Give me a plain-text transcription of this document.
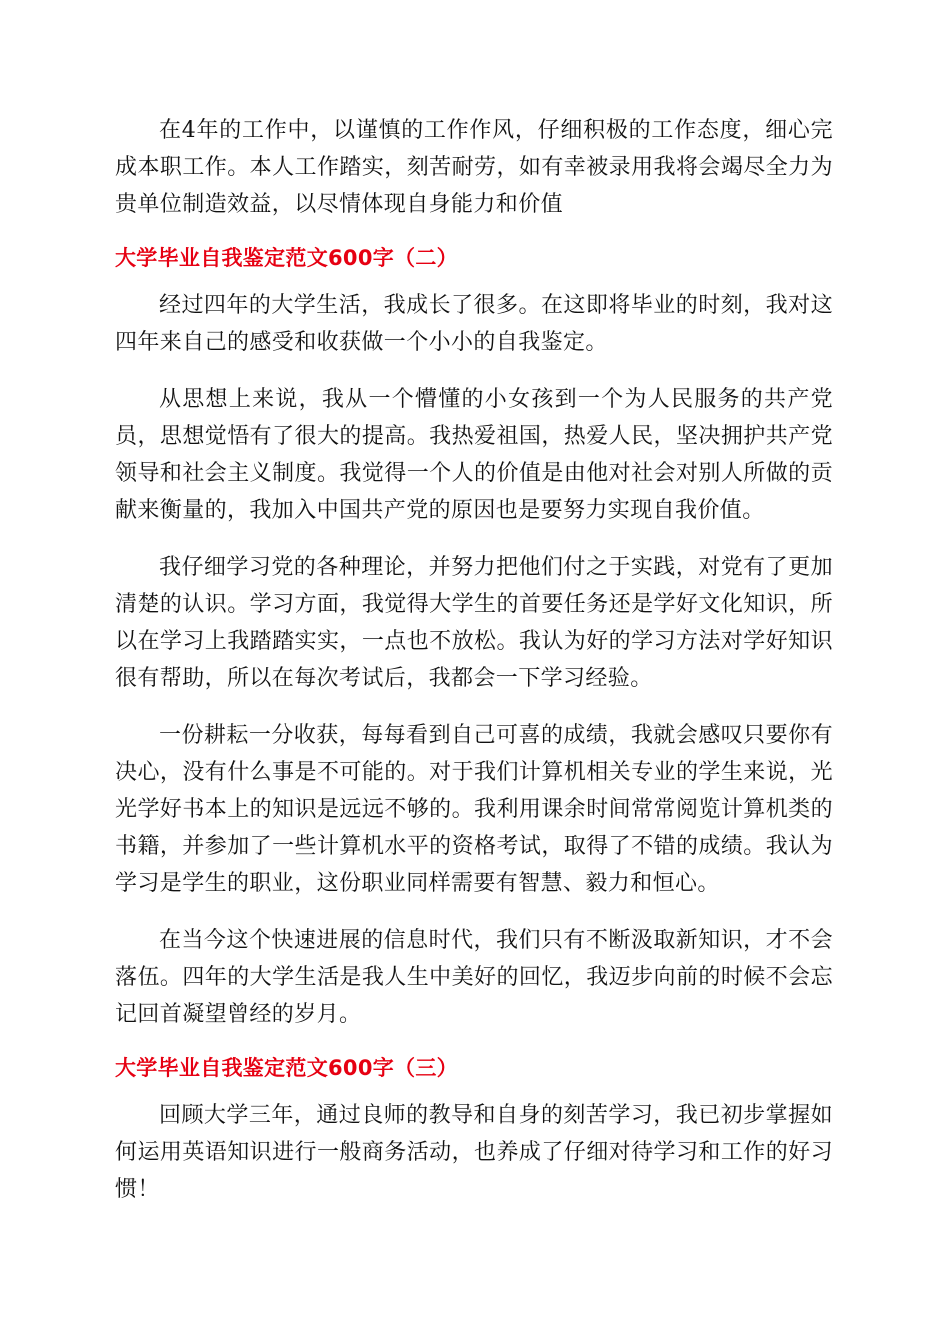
在4年的工作中，以谨慎的工作作风，仔细积极的工作态度，细心完成本职工作。本人工作踏实，刻苦耐劳，如有幸被录用我将会竭尽全力为贵单位制造效益，以尽情体现自身能力和价值

大学毕业自我鉴定范文600字（二）

经过四年的大学生活，我成长了很多。在这即将毕业的时刻，我对这四年来自己的感受和收获做一个小小的自我鉴定。

从思想上来说，我从一个懵懂的小女孩到一个为人民服务的共产党员，思想觉悟有了很大的提高。我热爱祖国，热爱人民，坚决拥护共产党领导和社会主义制度。我觉得一个人的价值是由他对社会对别人所做的贡献来衡量的，我加入中国共产党的原因也是要努力实现自我价值。

我仔细学习党的各种理论，并努力把他们付之于实践，对党有了更加清楚的认识。学习方面，我觉得大学生的首要任务还是学好文化知识，所以在学习上我踏踏实实，一点也不放松。我认为好的学习方法对学好知识很有帮助，所以在每次考试后，我都会一下学习经验。

一份耕耘一分收获，每每看到自己可喜的成绩，我就会感叹只要你有决心，没有什么事是不可能的。对于我们计算机相关专业的学生来说，光光学好书本上的知识是远远不够的。我利用课余时间常常阅览计算机类的书籍，并参加了一些计算机水平的资格考试，取得了不错的成绩。我认为学习是学生的职业，这份职业同样需要有智慧、毅力和恒心。

在当今这个快速进展的信息时代，我们只有不断汲取新知识，才不会落伍。四年的大学生活是我人生中美好的回忆，我迈步向前的时候不会忘记回首凝望曾经的岁月。

大学毕业自我鉴定范文600字（三）

回顾大学三年，通过良师的教导和自身的刻苦学习，我已初步掌握如何运用英语知识进行一般商务活动，也养成了仔细对待学习和工作的好习惯！
